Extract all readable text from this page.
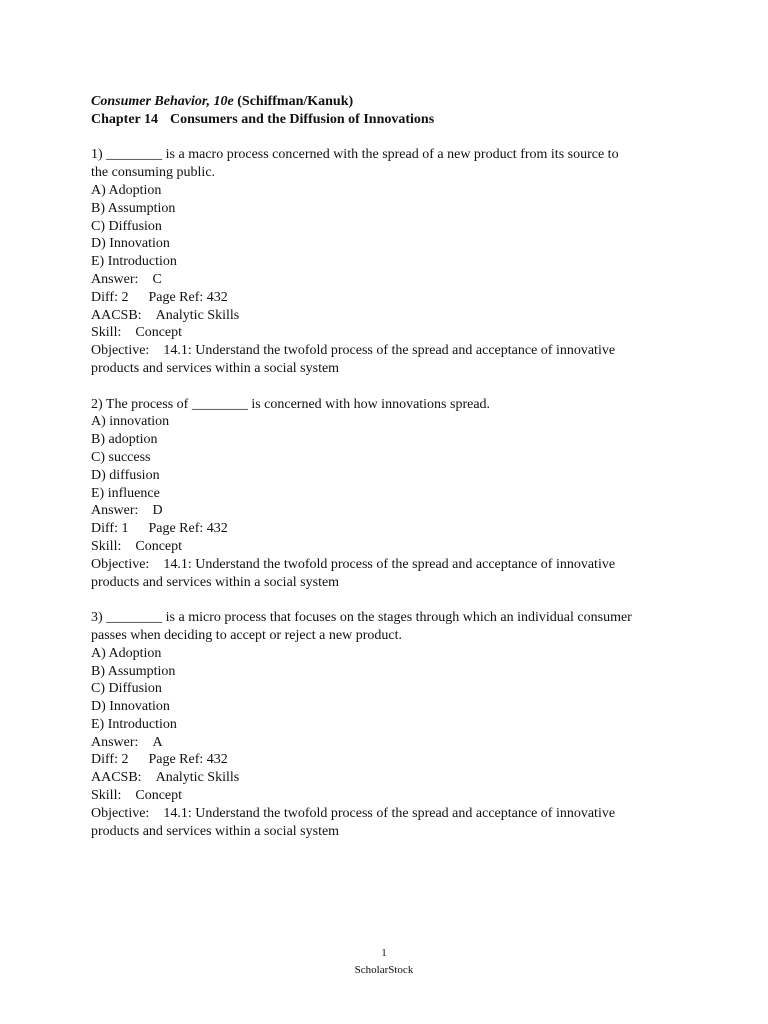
Consumer Behavior, 10e (Schiffman/Kanuk)
Chapter 14 Consumers and the Diffusion of Innovations
1) ________ is a macro process concerned with the spread of a new product from its source to
the consuming public.
A) Adoption
B) Assumption
C) Diffusion
D) Innovation
E) Introduction
Answer: C
Diff: 2 Page Ref: 432
AACSB: Analytic Skills
Skill: Concept
Objective: 14.1: Understand the twofold process of the spread and acceptance of innovative
products and services within a social system
2) The process of ________ is concerned with how innovations spread.
A) innovation
B) adoption
C) success
D) diffusion
E) influence
Answer: D
Diff: 1 Page Ref: 432
Skill: Concept
Objective: 14.1: Understand the twofold process of the spread and acceptance of innovative
products and services within a social system
3) ________ is a micro process that focuses on the stages through which an individual consumer
passes when deciding to accept or reject a new product.
A) Adoption
B) Assumption
C) Diffusion
D) Innovation
E) Introduction
Answer: A
Diff: 2 Page Ref: 432
AACSB: Analytic Skills
Skill: Concept
Objective: 14.1: Understand the twofold process of the spread and acceptance of innovative
products and services within a social system
1
ScholarStock
